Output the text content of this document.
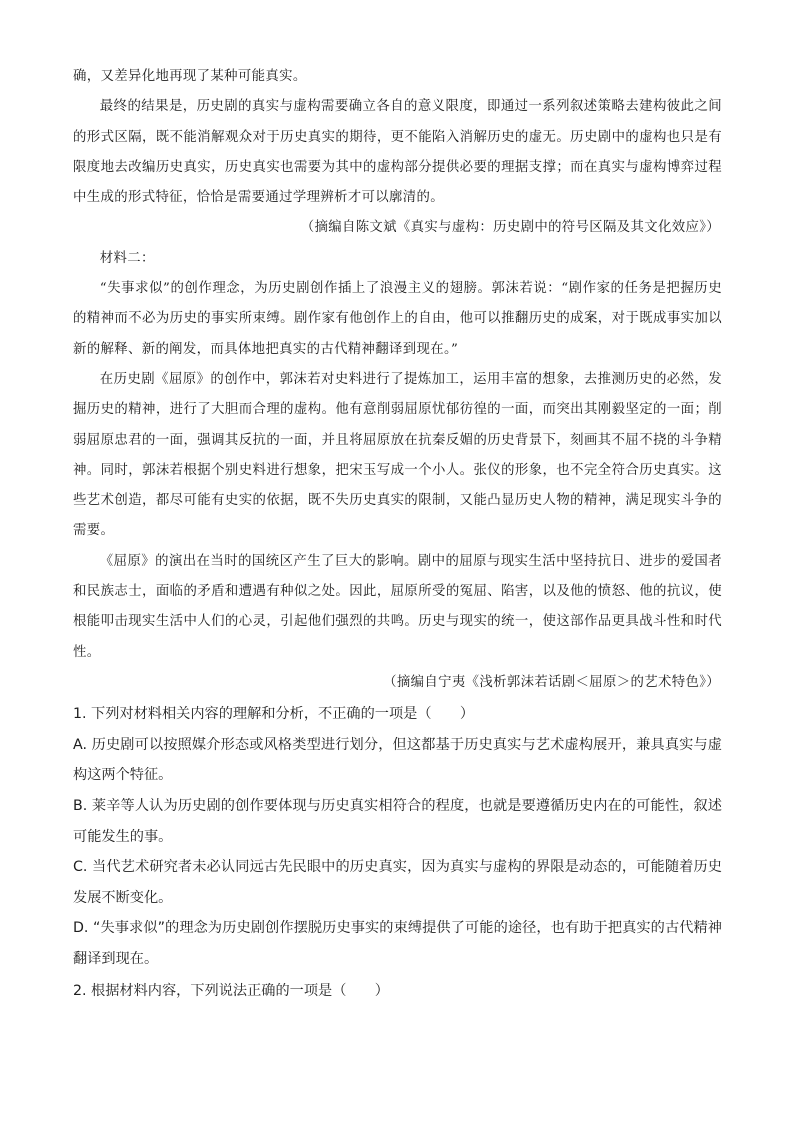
确，又差异化地再现了某种可能真实。

最终的结果是，历史剧的真实与虚构需要确立各自的意义限度，即通过一系列叙述策略去建构彼此之间的形式区隔，既不能消解观众对于历史真实的期待，更不能陷入消解历史的虚无。历史剧中的虚构也只是有限度地去改编历史真实，历史真实也需要为其中的虚构部分提供必要的理据支撑；而在真实与虚构博弈过程中生成的形式特征，恰恰是需要通过学理辨析才可以廓清的。

（摘编自陈文斌《真实与虚构：历史剧中的符号区隔及其文化效应》）

材料二：

“失事求似”的创作理念，为历史剧创作插上了浪漫主义的翅膀。郭沫若说：“剧作家的任务是把握历史的精神而不必为历史的事实所束缚。剧作家有他创作上的自由，他可以推翻历史的成案，对于既成事实加以新的解释、新的阐发，而具体地把真实的古代精神翻译到现在。”

在历史剧《屈原》的创作中，郭沫若对史料进行了提炼加工，运用丰富的想象，去推测历史的必然，发掘历史的精神，进行了大胆而合理的虚构。他有意削弱屈原忧郁彷徨的一面，而突出其刚毅坚定的一面；削弱屈原忠君的一面，强调其反抗的一面，并且将屈原放在抗秦反媚的历史背景下，刻画其不屈不挠的斗争精神。同时，郭沫若根据个别史料进行想象，把宋玉写成一个小人。张仪的形象，也不完全符合历史真实。这些艺术创造，都尽可能有史实的依据，既不失历史真实的限制，又能凸显历史人物的精神，满足现实斗争的需要。

《屈原》的演出在当时的国统区产生了巨大的影响。剧中的屈原与现实生活中坚持抗日、进步的爱国者和民族志士，面临的矛盾和遭遇有种似之处。因此，屈原所受的冤屈、陷害，以及他的愤怒、他的抗议，使根能叩击现实生活中人们的心灵，引起他们强烈的共鸣。历史与现实的统一，使这部作品更具战斗性和时代性。

（摘编自宁夷《浅析郭沫若话剧＜屈原＞的艺术特色》）

1. 下列对材料相关内容的理解和分析，不正确的一项是（　　）

A. 历史剧可以按照媒介形态或风格类型进行划分，但这都基于历史真实与艺术虚构展开，兼具真实与虚构这两个特征。

B. 莱辛等人认为历史剧的创作要体现与历史真实相符合的程度，也就是要遵循历史内在的可能性，叙述可能发生的事。

C. 当代艺术研究者未必认同远古先民眼中的历史真实，因为真实与虚构的界限是动态的，可能随着历史发展不断变化。

D. “失事求似”的理念为历史剧创作摆脱历史事实的束缚提供了可能的途径，也有助于把真实的古代精神翻译到现在。

2. 根据材料内容，下列说法正确的一项是（　　）
